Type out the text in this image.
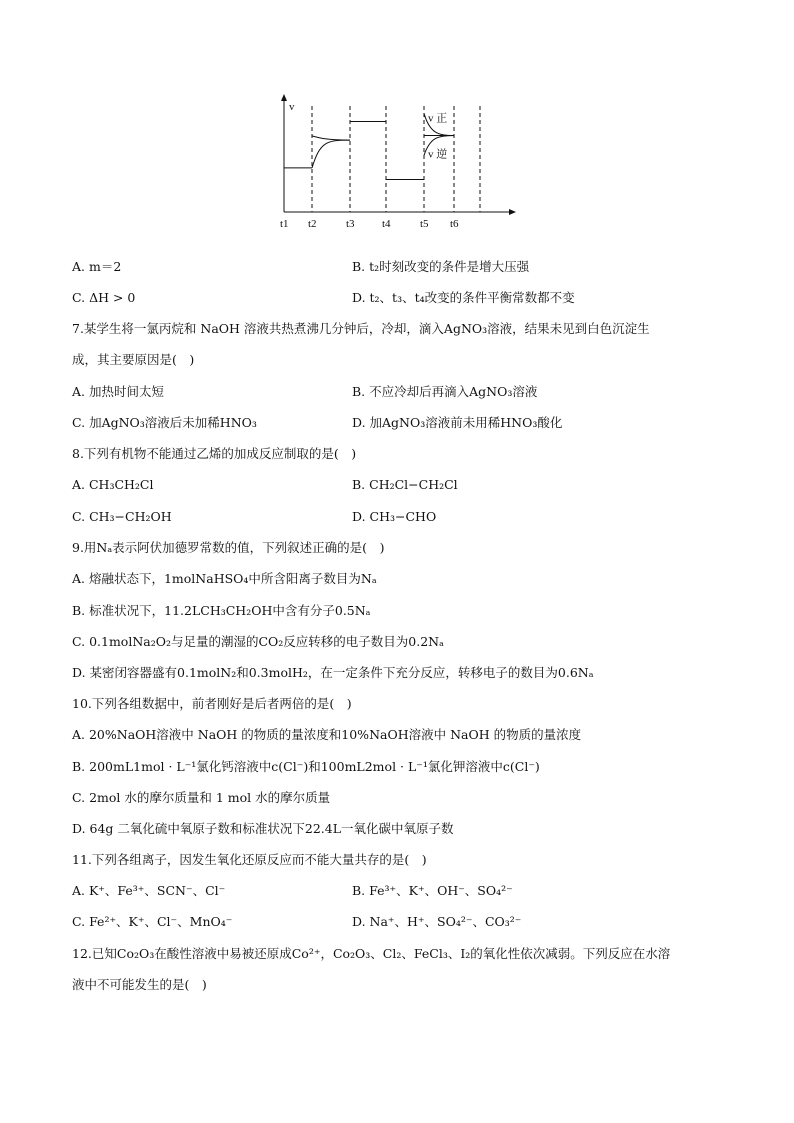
v
t1 t2	t3 t4	t5 t6
v 正
v 逆
A. m＝2	B. t₂时刻改变的条件是增大压强
C. ΔH > 0	D. t₂、t₃、t₄改变的条件平衡常数都不变
7.某学生将一氯丙烷和 NaOH 溶液共热煮沸几分钟后，冷却，滴入AgNO₃溶液，结果未见到白色沉淀生
成，其主要原因是(　)
A. 加热时间太短	B. 不应冷却后再滴入AgNO₃溶液
C. 加AgNO₃溶液后未加稀HNO₃	D. 加AgNO₃溶液前未用稀HNO₃酸化
8.下列有机物不能通过乙烯的加成反应制取的是(　)
A. CH₃CH₂Cl	B. CH₂Cl−CH₂Cl
C. CH₃−CH₂OH	D. CH₃−CHO
9.用Nₐ表示阿伏加德罗常数的值，下列叙述正确的是(　)
A. 熔融状态下，1molNaHSO₄中所含阳离子数目为Nₐ
B. 标准状况下，11.2LCH₃CH₂OH中含有分子0.5Nₐ
C. 0.1molNa₂O₂与足量的潮湿的CO₂反应转移的电子数目为0.2Nₐ
D. 某密闭容器盛有0.1molN₂和0.3molH₂，在一定条件下充分反应，转移电子的数目为0.6Nₐ
10.下列各组数据中，前者刚好是后者两倍的是(　)
A. 20%NaOH溶液中 NaOH 的物质的量浓度和10%NaOH溶液中 NaOH 的物质的量浓度
B. 200mL1mol · L⁻¹氯化钙溶液中c(Cl⁻)和100mL2mol · L⁻¹氯化钾溶液中c(Cl⁻)
C. 2mol 水的摩尔质量和 1 mol 水的摩尔质量
D. 64g 二氧化硫中氧原子数和标准状况下22.4L一氧化碳中氧原子数
11.下列各组离子，因发生氧化还原反应而不能大量共存的是(　)
A. K⁺、Fe³⁺、SCN⁻、Cl⁻	B. Fe³⁺、K⁺、OH⁻、SO₄²⁻
C. Fe²⁺、K⁺、Cl⁻、MnO₄⁻	D. Na⁺、H⁺、SO₄²⁻、CO₃²⁻
12.已知Co₂O₃在酸性溶液中易被还原成Co²⁺，Co₂O₃、Cl₂、FeCl₃、I₂的氧化性依次减弱。下列反应在水溶
液中不可能发生的是(　)
